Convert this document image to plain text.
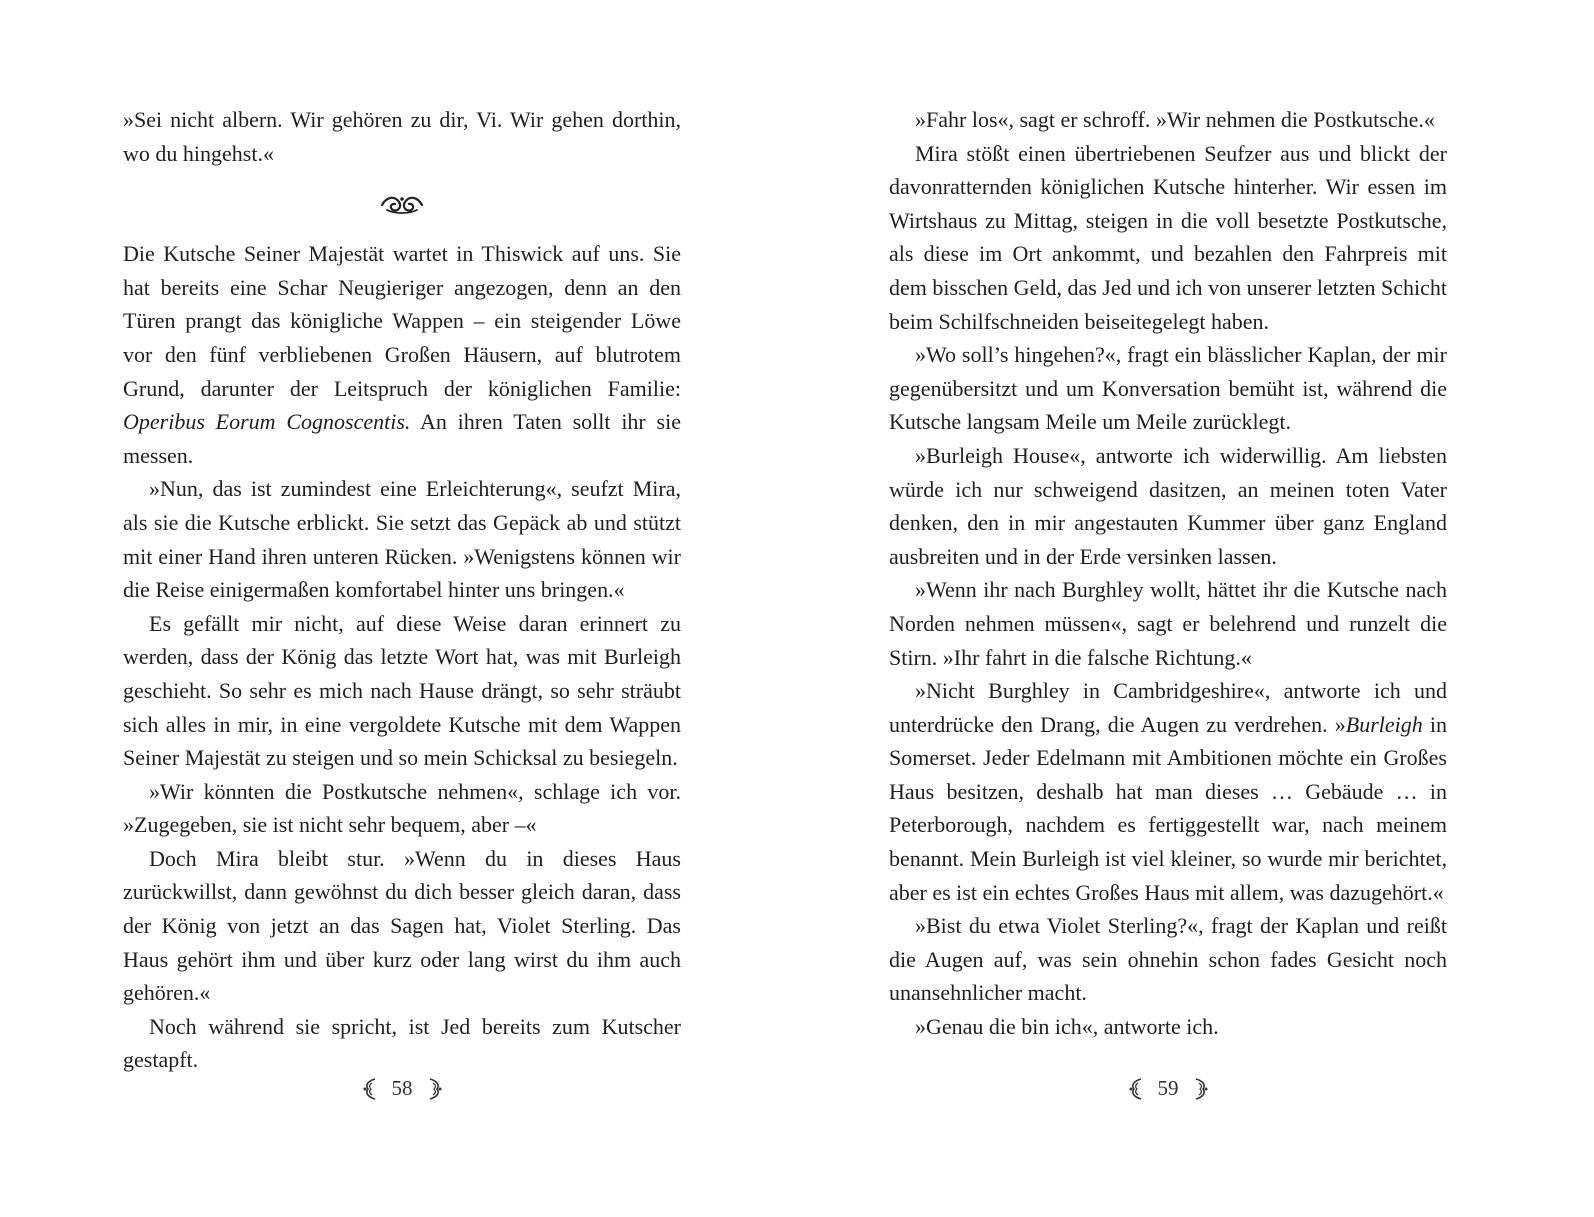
»Sei nicht albern. Wir gehören zu dir, Vi. Wir gehen dorthin, wo du hingehst.«

Die Kutsche Seiner Majestät wartet in Thiswick auf uns. Sie hat bereits eine Schar Neugieriger angezogen, denn an den Türen prangt das königliche Wappen – ein steigender Löwe vor den fünf verbliebenen Großen Häusern, auf blutrotem Grund, darunter der Leitspruch der königlichen Familie: Operibus Eorum Cognoscentis. An ihren Taten sollt ihr sie messen.

»Nun, das ist zumindest eine Erleichterung«, seufzt Mira, als sie die Kutsche erblickt. Sie setzt das Gepäck ab und stützt mit einer Hand ihren unteren Rücken. »Wenigstens können wir die Reise einigermaßen komfortabel hinter uns bringen.«

Es gefällt mir nicht, auf diese Weise daran erinnert zu werden, dass der König das letzte Wort hat, was mit Burleigh geschieht. So sehr es mich nach Hause drängt, so sehr sträubt sich alles in mir, in eine vergoldete Kutsche mit dem Wappen Seiner Majestät zu steigen und so mein Schicksal zu besiegeln.

»Wir könnten die Postkutsche nehmen«, schlage ich vor. »Zugegeben, sie ist nicht sehr bequem, aber –«

Doch Mira bleibt stur. »Wenn du in dieses Haus zurückwillst, dann gewöhnst du dich besser gleich daran, dass der König von jetzt an das Sagen hat, Violet Sterling. Das Haus gehört ihm und über kurz oder lang wirst du ihm auch gehören.«

Noch während sie spricht, ist Jed bereits zum Kutscher gestapft.

58

»Fahr los«, sagt er schroff. »Wir nehmen die Postkutsche.«

Mira stößt einen übertriebenen Seufzer aus und blickt der davonratternden königlichen Kutsche hinterher. Wir essen im Wirtshaus zu Mittag, steigen in die voll besetzte Postkutsche, als diese im Ort ankommt, und bezahlen den Fahrpreis mit dem bisschen Geld, das Jed und ich von unserer letzten Schicht beim Schilfschneiden beiseitegelegt haben.

»Wo soll’s hingehen?«, fragt ein blässlicher Kaplan, der mir gegenübersitzt und um Konversation bemüht ist, während die Kutsche langsam Meile um Meile zurücklegt.

»Burleigh House«, antworte ich widerwillig. Am liebsten würde ich nur schweigend dasitzen, an meinen toten Vater denken, den in mir angestauten Kummer über ganz England ausbreiten und in der Erde versinken lassen.

»Wenn ihr nach Burghley wollt, hättet ihr die Kutsche nach Norden nehmen müssen«, sagt er belehrend und runzelt die Stirn. »Ihr fahrt in die falsche Richtung.«

»Nicht Burghley in Cambridgeshire«, antworte ich und unterdrücke den Drang, die Augen zu verdrehen. »Burleigh in Somerset. Jeder Edelmann mit Ambitionen möchte ein Großes Haus besitzen, deshalb hat man dieses … Gebäude … in Peterborough, nachdem es fertiggestellt war, nach meinem benannt. Mein Burleigh ist viel kleiner, so wurde mir berichtet, aber es ist ein echtes Großes Haus mit allem, was dazugehört.«

»Bist du etwa Violet Sterling?«, fragt der Kaplan und reißt die Augen auf, was sein ohnehin schon fades Gesicht noch unansehnlicher macht.

»Genau die bin ich«, antworte ich.

59
